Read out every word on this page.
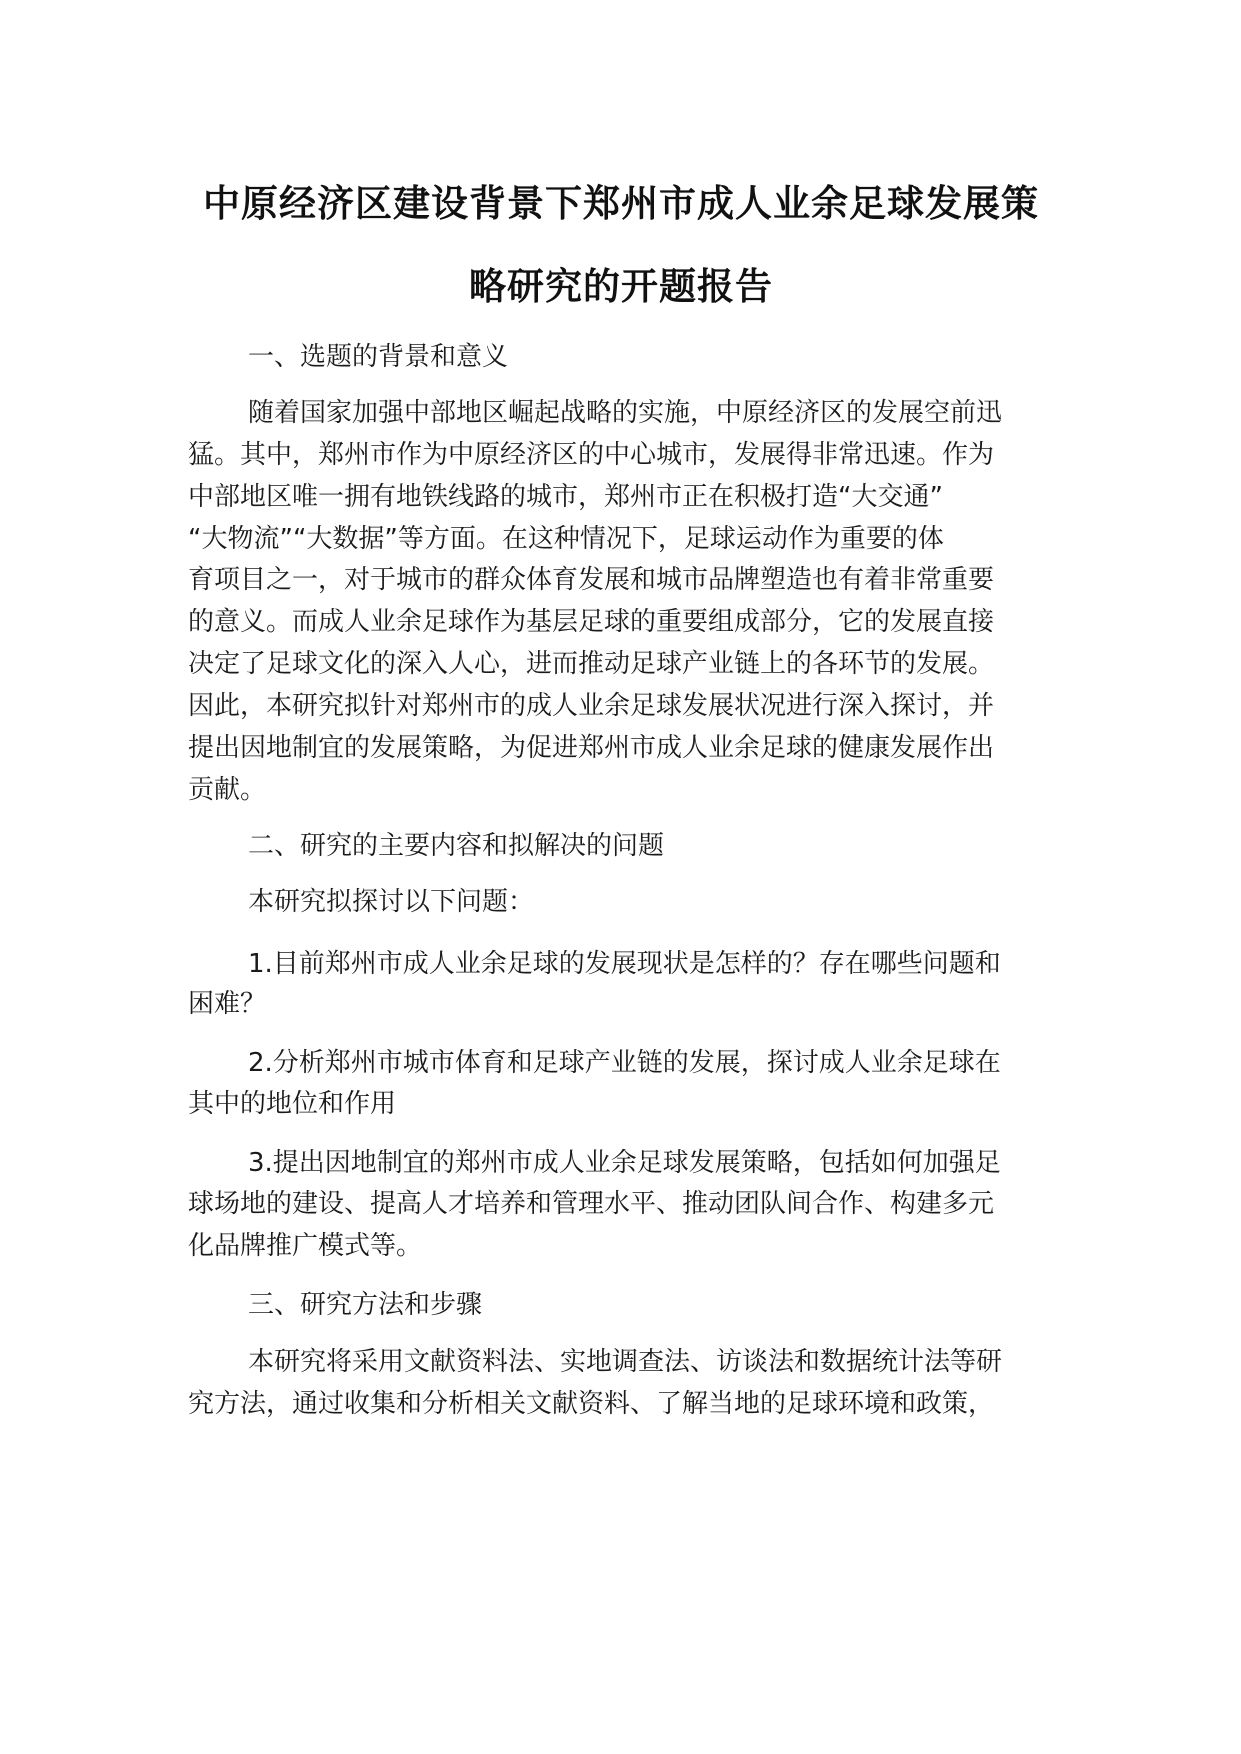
中原经济区建设背景下郑州市成人业余足球发展策
略研究的开题报告
一、选题的背景和意义
随着国家加强中部地区崛起战略的实施，中原经济区的发展空前迅
猛。其中，郑州市作为中原经济区的中心城市，发展得非常迅速。作为
中部地区唯一拥有地铁线路的城市，郑州市正在积极打造“大交通”
“大物流”“大数据”等方面。在这种情况下，足球运动作为重要的体
育项目之一，对于城市的群众体育发展和城市品牌塑造也有着非常重要
的意义。而成人业余足球作为基层足球的重要组成部分，它的发展直接
决定了足球文化的深入人心，进而推动足球产业链上的各环节的发展。
因此，本研究拟针对郑州市的成人业余足球发展状况进行深入探讨，并
提出因地制宜的发展策略，为促进郑州市成人业余足球的健康发展作出
贡献。
二、研究的主要内容和拟解决的问题
本研究拟探讨以下问题：
1.目前郑州市成人业余足球的发展现状是怎样的？存在哪些问题和
困难？
2.分析郑州市城市体育和足球产业链的发展，探讨成人业余足球在
其中的地位和作用
3.提出因地制宜的郑州市成人业余足球发展策略，包括如何加强足
球场地的建设、提高人才培养和管理水平、推动团队间合作、构建多元
化品牌推广模式等。
三、研究方法和步骤
本研究将采用文献资料法、实地调查法、访谈法和数据统计法等研
究方法，通过收集和分析相关文献资料、了解当地的足球环境和政策，
